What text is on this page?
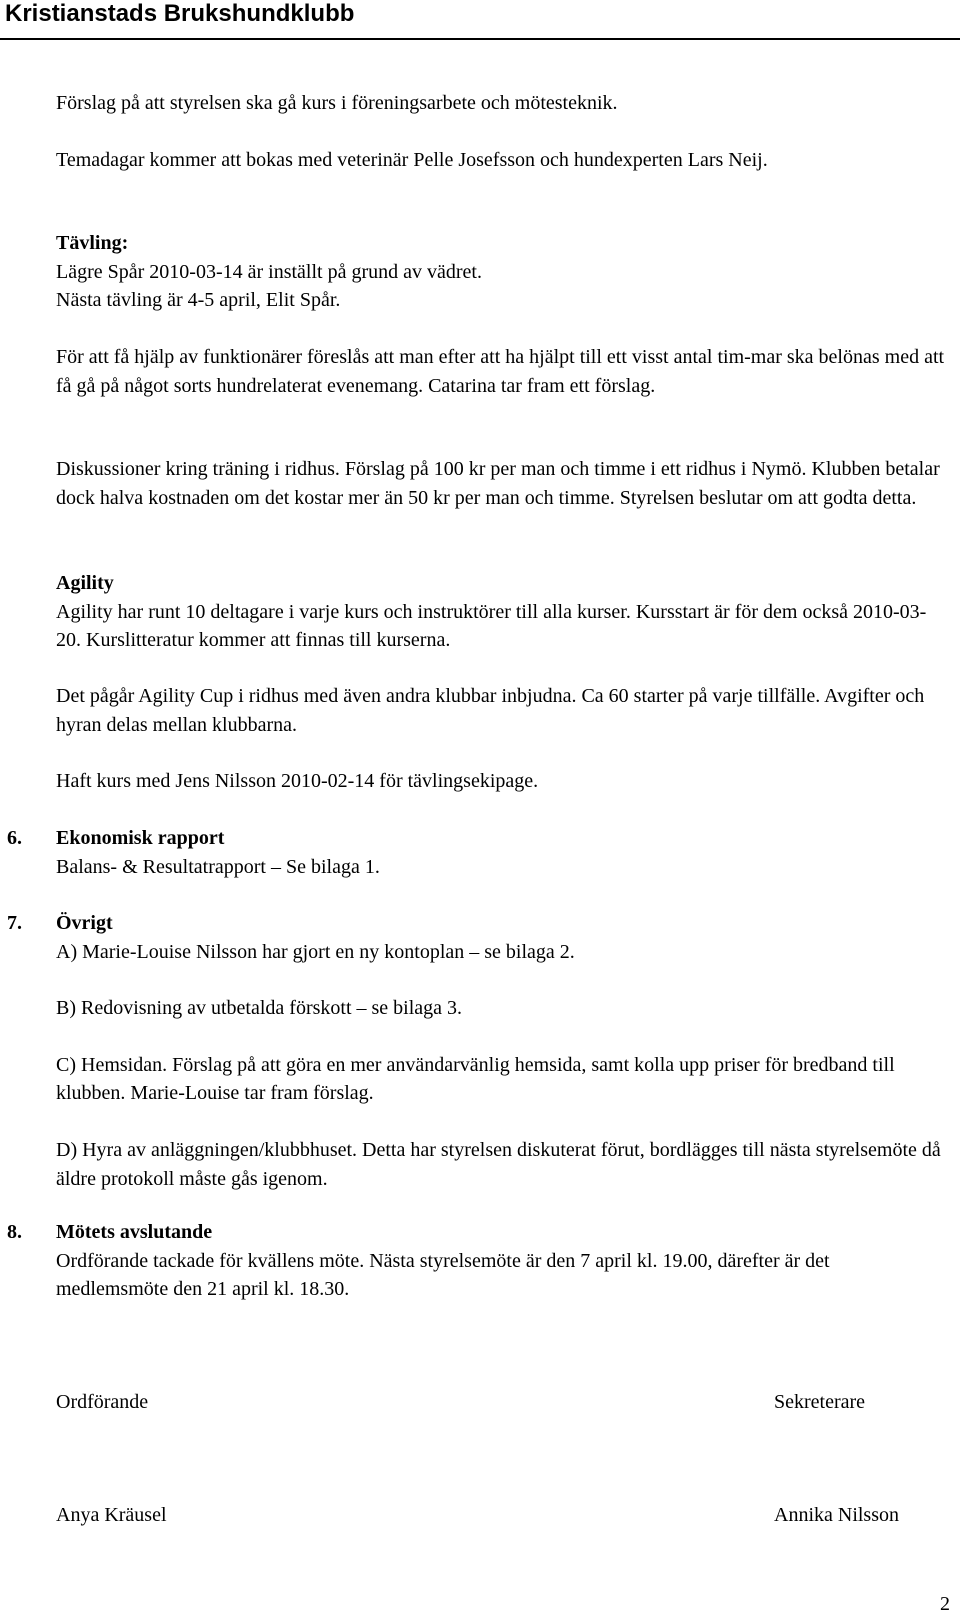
Kristianstads Brukshundklubb

Förslag på att styrelsen ska gå kurs i föreningsarbete och mötesteknik.

Temadagar kommer att bokas med veterinär Pelle Josefsson och hundexperten Lars Neij.

Tävling:

Lägre Spår 2010-03-14 är inställt på grund av vädret.

Nästa tävling är 4-5 april, Elit Spår.

För att få hjälp av funktionärer föreslås att man efter att ha hjälpt till ett visst antal tim-mar ska belönas med att få gå på något sorts hundrelaterat evenemang. Catarina tar fram ett förslag.

Diskussioner kring träning i ridhus. Förslag på 100 kr per man och timme i ett ridhus i Nymö. Klubben betalar dock halva kostnaden om det kostar mer än 50 kr per man och timme. Styrelsen beslutar om att godta detta.

Agility

Agility har runt 10 deltagare i varje kurs och instruktörer till alla kurser. Kursstart är för dem också 2010-03-20. Kurslitteratur kommer att finnas till kurserna.

Det pågår Agility Cup i ridhus med även andra klubbar inbjudna. Ca 60 starter på varje tillfälle. Avgifter och hyran delas mellan klubbarna.

Haft kurs med Jens Nilsson 2010-02-14 för tävlingsekipage.

6. Ekonomisk rapport

Balans- & Resultatrapport – Se bilaga 1.

7. Övrigt

A) Marie-Louise Nilsson har gjort en ny kontoplan – se bilaga 2.

B) Redovisning av utbetalda förskott – se bilaga 3.

C) Hemsidan. Förslag på att göra en mer användarvänlig hemsida, samt kolla upp priser för bredband till klubben. Marie-Louise tar fram förslag.

D) Hyra av anläggningen/klubbhuset. Detta har styrelsen diskuterat förut, bordlägges till nästa styrelsemöte då äldre protokoll måste gås igenom.

8. Mötets avslutande

Ordförande tackade för kvällens möte. Nästa styrelsemöte är den 7 april kl. 19.00, därefter är det medlemsmöte den 21 april kl. 18.30.

Ordförande	Sekreterare
Anya Kräusel	Annika Nilsson
2
